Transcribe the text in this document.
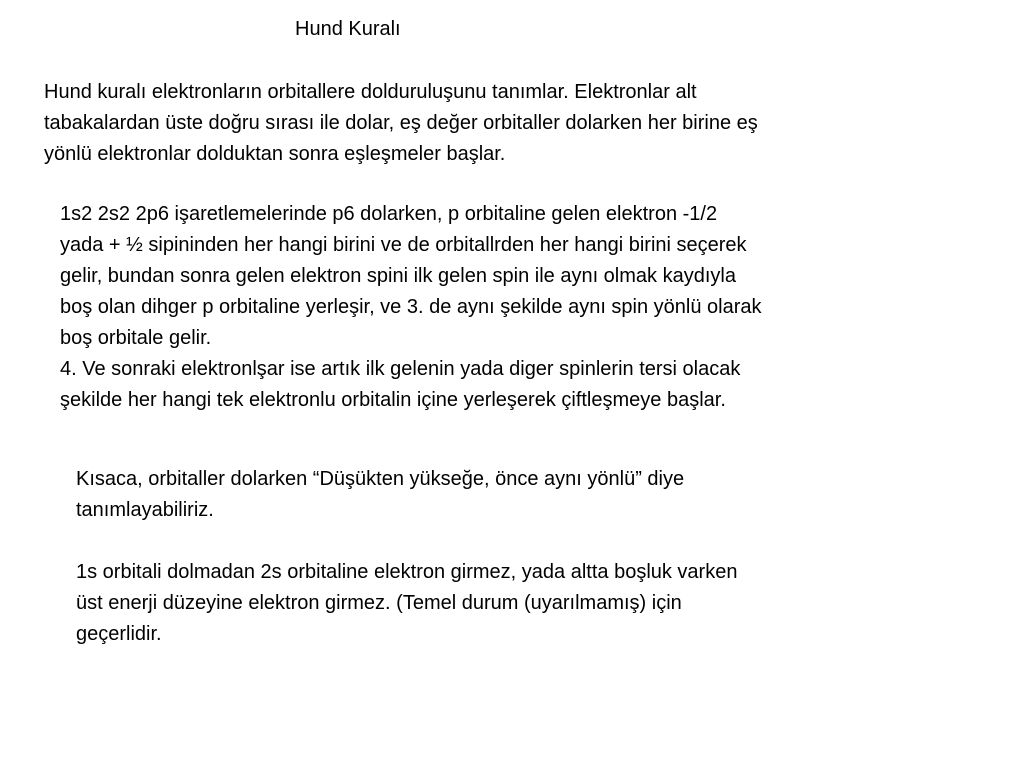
Hund Kuralı
Hund kuralı elektronların orbitallere dolduruluşunu tanımlar. Elektronlar alt
tabakalardan üste doğru sırası ile dolar, eş değer orbitaller dolarken her birine eş
yönlü elektronlar dolduktan sonra eşleşmeler başlar.
1s2 2s2 2p6 işaretlemelerinde p6 dolarken, p orbitaline gelen elektron -1/2
yada + ½ sipininden her hangi birini ve de orbitallrden her hangi birini seçerek
gelir, bundan sonra gelen elektron spini ilk gelen spin ile aynı olmak kaydıyla
boş olan dihger p orbitaline yerleşir, ve 3. de aynı şekilde aynı spin yönlü olarak
boş orbitale gelir.
4. Ve sonraki elektronlşar ise artık ilk gelenin yada diger spinlerin tersi olacak
şekilde her hangi tek elektronlu orbitalin içine yerleşerek çiftleşmeye başlar.
Kısaca, orbitaller dolarken “Düşükten yükseğe, önce aynı yönlü” diye
tanımlayabiliriz.
1s orbitali dolmadan 2s orbitaline elektron girmez, yada altta boşluk varken
üst enerji düzeyine elektron girmez. (Temel durum (uyarılmamış) için
geçerlidir.
